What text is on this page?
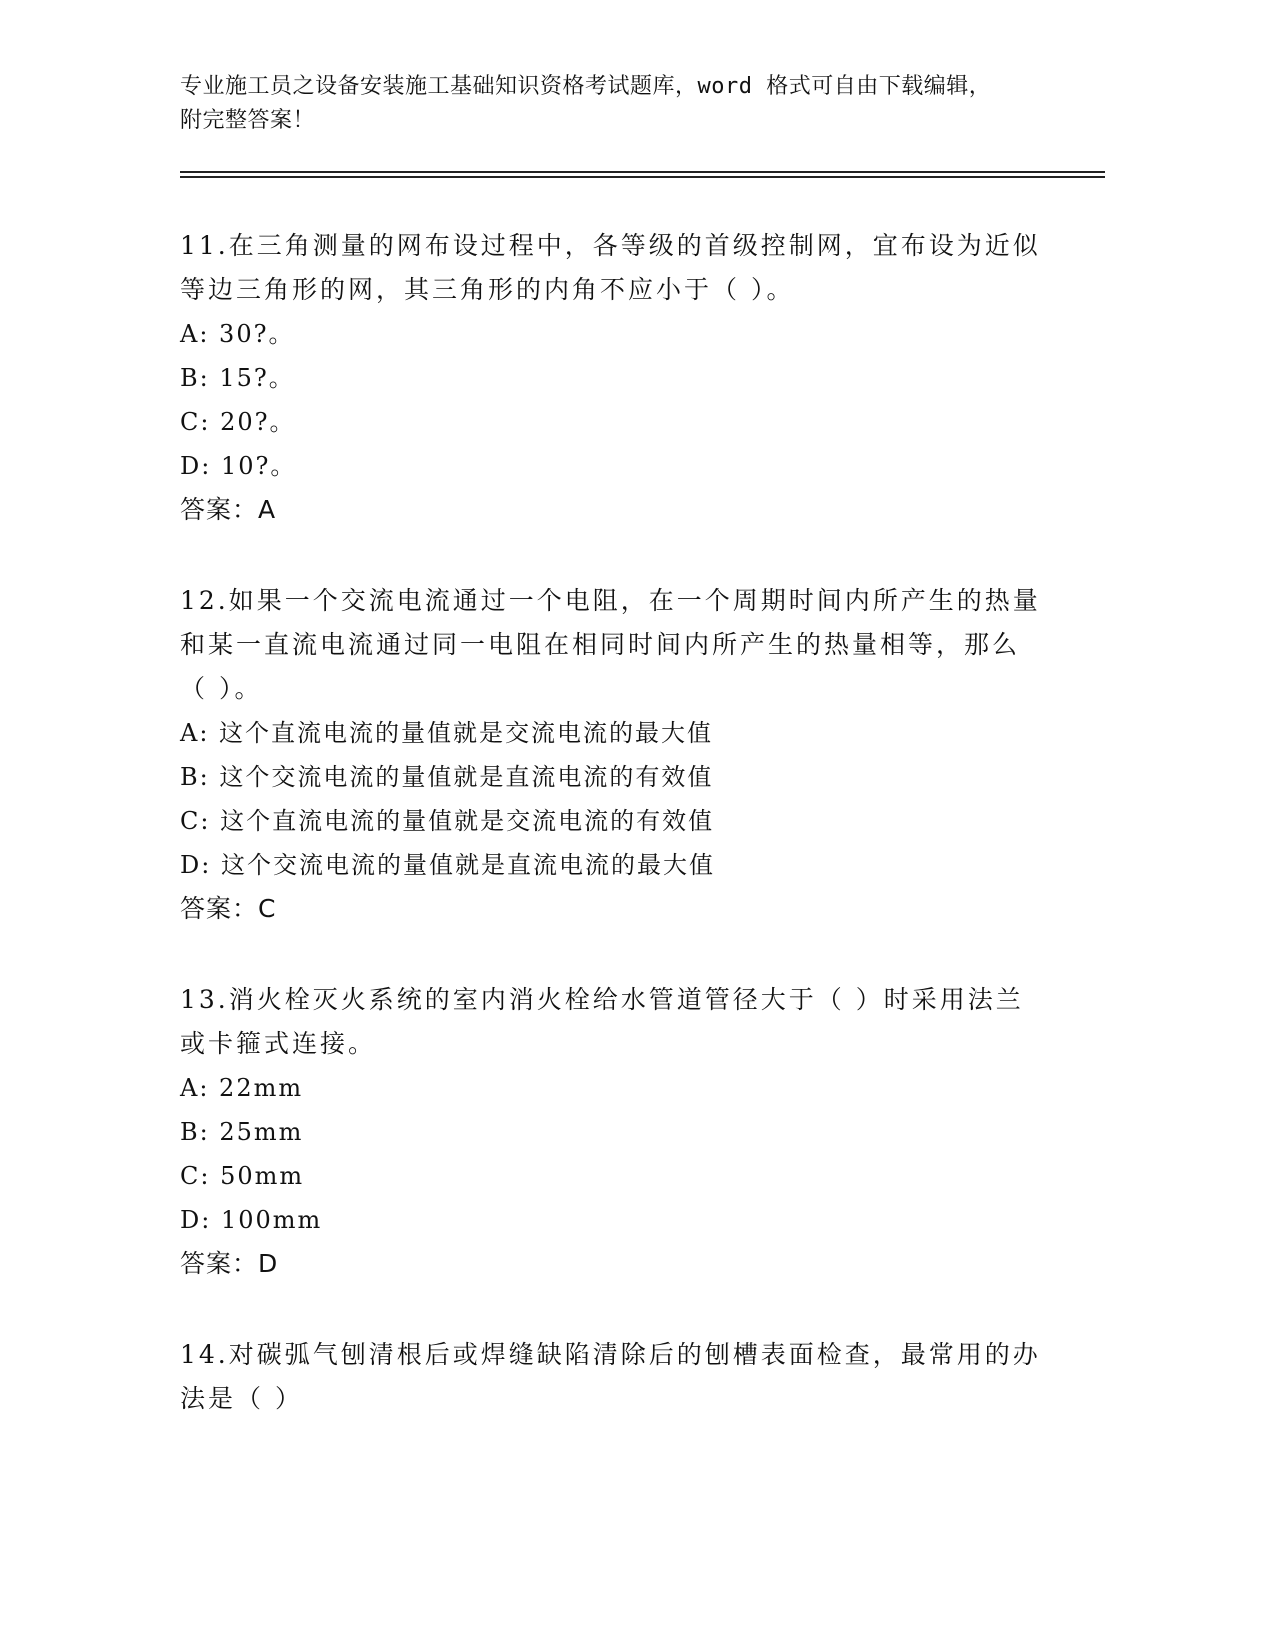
专业施工员之设备安装施工基础知识资格考试题库，word 格式可自由下载编辑，
附完整答案！

11.在三角测量的网布设过程中，各等级的首级控制网，宜布设为近似

等边三角形的网，其三角形的内角不应小于（ ）。

A: 30?。

B: 15?。

C: 20?。

D: 10?。

答案：A

12.如果一个交流电流通过一个电阻，在一个周期时间内所产生的热量

和某一直流电流通过同一电阻在相同时间内所产生的热量相等，那么

（ ）。

A: 这个直流电流的量值就是交流电流的最大值

B: 这个交流电流的量值就是直流电流的有效值

C: 这个直流电流的量值就是交流电流的有效值

D: 这个交流电流的量值就是直流电流的最大值

答案：C

13.消火栓灭火系统的室内消火栓给水管道管径大于（ ）时采用法兰

或卡箍式连接。

A: 22mm

B: 25mm

C: 50mm

D: 100mm

答案：D

14.对碳弧气刨清根后或焊缝缺陷清除后的刨槽表面检查，最常用的办

法是（ ）
